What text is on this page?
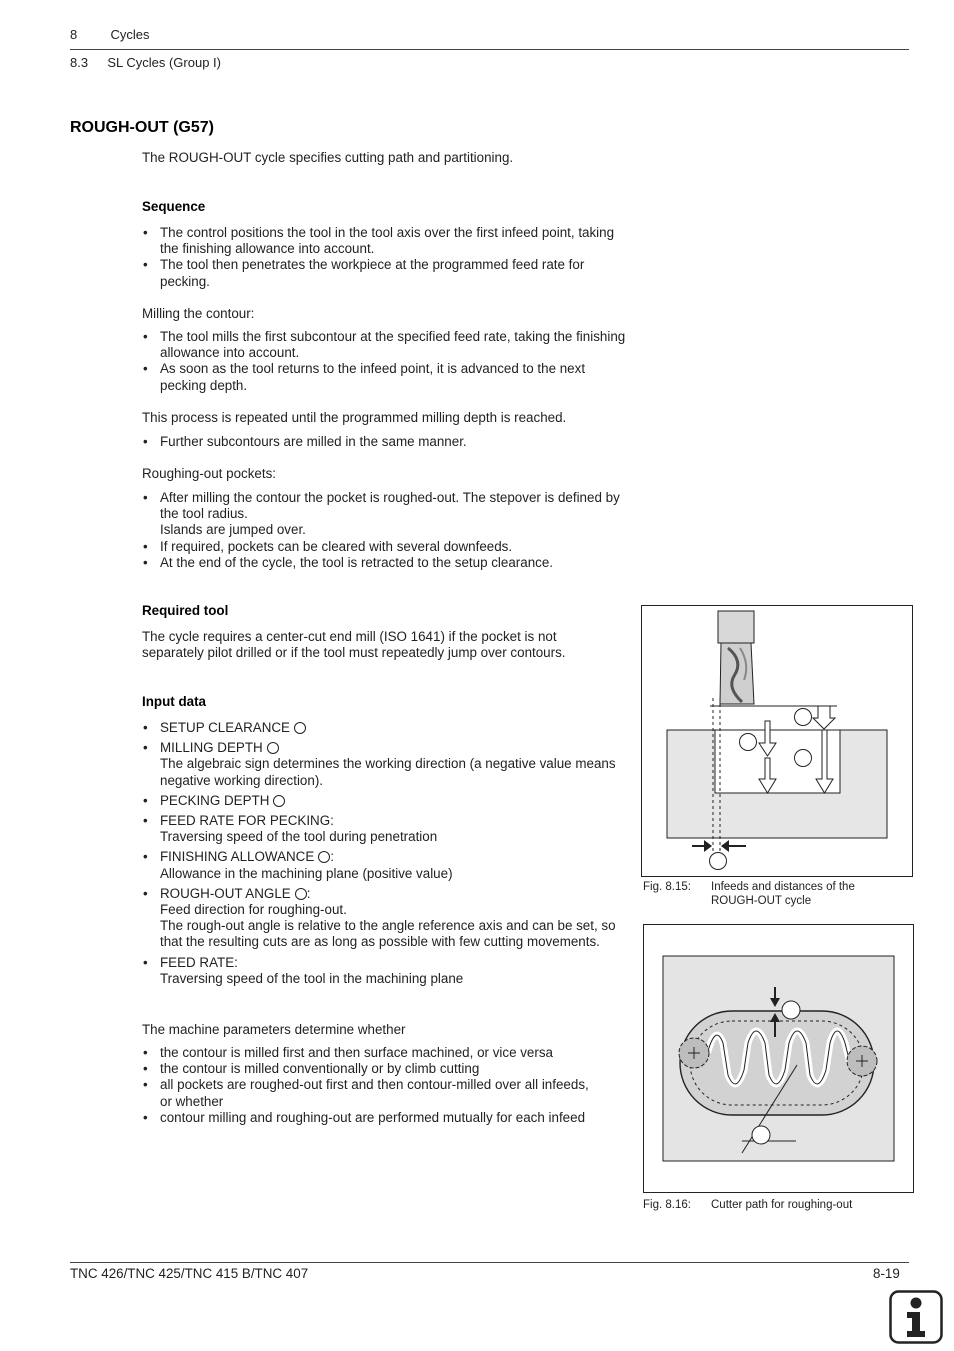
8	Cycles
8.3 SL Cycles (Group I)
ROUGH-OUT (G57)
The ROUGH-OUT cycle specifies cutting path and partitioning.
Sequence
• The control positions the tool in the tool axis over the first infeed point, taking the finishing allowance into account.
• The tool then penetrates the workpiece at the programmed feed rate for pecking.
Milling the contour:
• The tool mills the first subcontour at the specified feed rate, taking the finishing allowance into account.
• As soon as the tool returns to the infeed point, it is advanced to the next pecking depth.
This process is repeated until the programmed milling depth is reached.
• Further subcontours are milled in the same manner.
Roughing-out pockets:
• After milling the contour the pocket is roughed-out. The stepover is defined by the tool radius.
Islands are jumped over.
• If required, pockets can be cleared with several downfeeds.
• At the end of the cycle, the tool is retracted to the setup clearance.
Required tool
The cycle requires a center-cut end mill (ISO 1641) if the pocket is not separately pilot drilled or if the tool must repeatedly jump over contours.
Input data
• SETUP CLEARANCE
• MILLING DEPTH
The algebraic sign determines the working direction (a negative value means negative working direction).
• PECKING DEPTH
• FEED RATE FOR PECKING:
Traversing speed of the tool during penetration
• FINISHING ALLOWANCE :
Allowance in the machining plane (positive value)
• ROUGH-OUT ANGLE :
Feed direction for roughing-out.
The rough-out angle is relative to the angle reference axis and can be set, so that the resulting cuts are as long as possible with few cutting movements.
• FEED RATE:
Traversing speed of the tool in the machining plane
The machine parameters determine whether
• the contour is milled first and then surface machined, or vice versa
• the contour is milled conventionally or by climb cutting
• all pockets are roughed-out first and then contour-milled over all infeeds, or whether
• contour milling and roughing-out are performed mutually for each infeed
Fig. 8.15: Infeeds and distances of the
ROUGH-OUT cycle
Fig. 8.16: Cutter path for roughing-out
TNC 426/TNC 425/TNC 415 B/TNC 407	8-19
